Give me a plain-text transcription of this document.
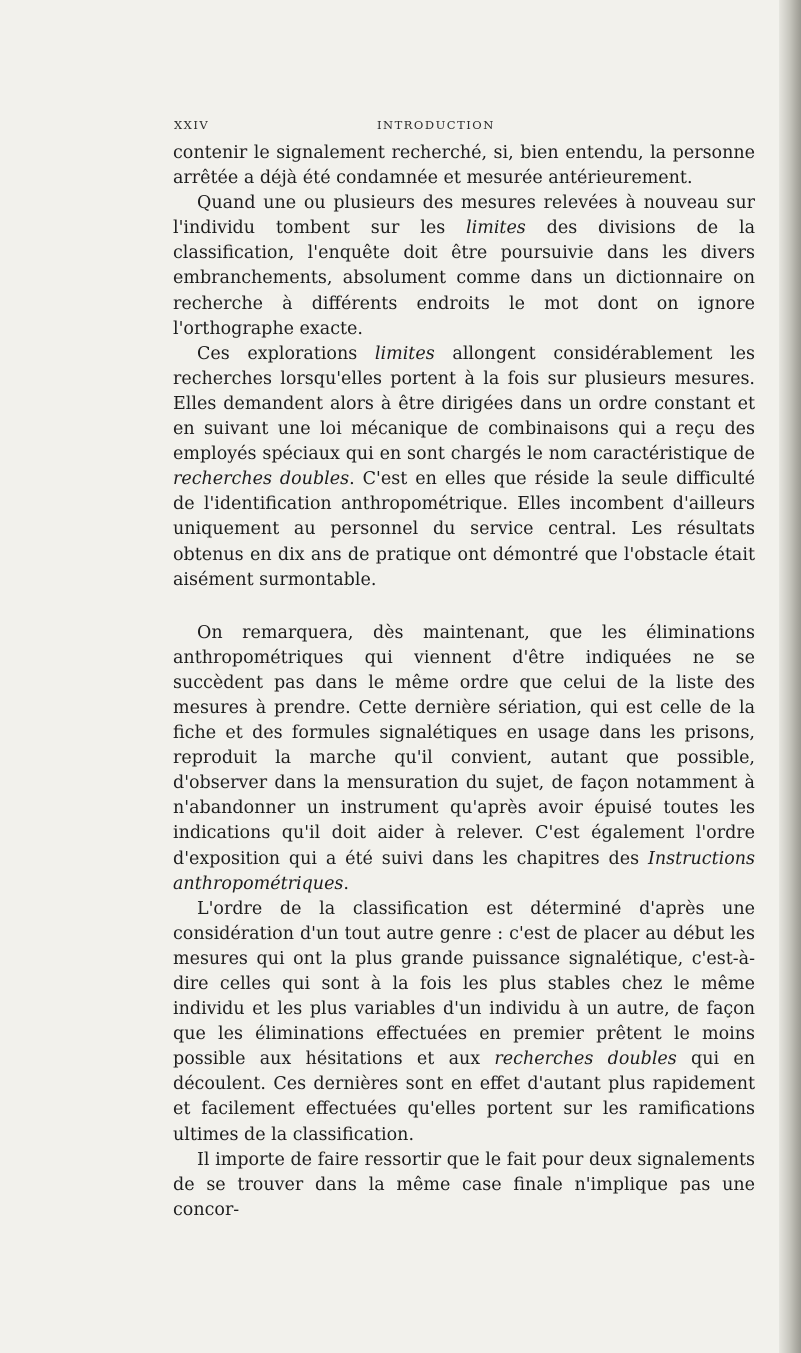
XXIV	INTRODUCTION

contenir le signalement recherché, si, bien entendu, la personne arrêtée a déjà été condamnée et mesurée antérieurement.

Quand une ou plusieurs des mesures relevées à nouveau sur l'individu tombent sur les limites des divisions de la classification, l'enquête doit être poursuivie dans les divers embranchements, absolument comme dans un dictionnaire on recherche à différents endroits le mot dont on ignore l'orthographe exacte.

Ces explorations limites allongent considérablement les recherches lorsqu'elles portent à la fois sur plusieurs mesures. Elles demandent alors à être dirigées dans un ordre constant et en suivant une loi mécanique de combinaisons qui a reçu des employés spéciaux qui en sont chargés le nom caractéristique de recherches doubles. C'est en elles que réside la seule difficulté de l'identification anthropométrique. Elles incombent d'ailleurs uniquement au personnel du service central. Les résultats obtenus en dix ans de pratique ont démontré que l'obstacle était aisément surmontable.

On remarquera, dès maintenant, que les éliminations anthropométriques qui viennent d'être indiquées ne se succèdent pas dans le même ordre que celui de la liste des mesures à prendre. Cette dernière sériation, qui est celle de la fiche et des formules signalétiques en usage dans les prisons, reproduit la marche qu'il convient, autant que possible, d'observer dans la mensuration du sujet, de façon notamment à n'abandonner un instrument qu'après avoir épuisé toutes les indications qu'il doit aider à relever. C'est également l'ordre d'exposition qui a été suivi dans les chapitres des Instructions anthropométriques.

L'ordre de la classification est déterminé d'après une considération d'un tout autre genre : c'est de placer au début les mesures qui ont la plus grande puissance signalétique, c'est-à-dire celles qui sont à la fois les plus stables chez le même individu et les plus variables d'un individu à un autre, de façon que les éliminations effectuées en premier prêtent le moins possible aux hésitations et aux recherches doubles qui en découlent. Ces dernières sont en effet d'autant plus rapidement et facilement effectuées qu'elles portent sur les ramifications ultimes de la classification.

Il importe de faire ressortir que le fait pour deux signalements de se trouver dans la même case finale n'implique pas une concor-
